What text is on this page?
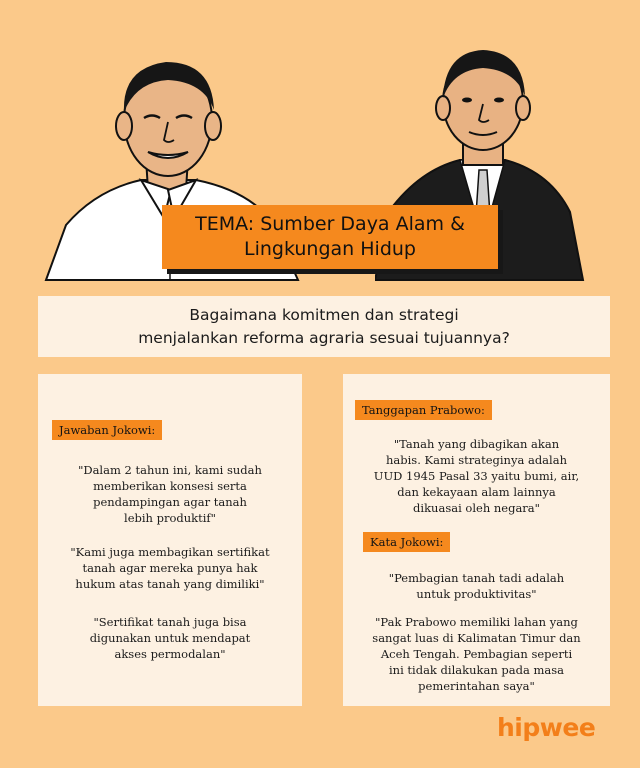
TEMA: Sumber Daya Alam &
Lingkungan Hidup
Bagaimana komitmen dan strategi
menjalankan reforma agraria sesuai tujuannya?
Jawaban Jokowi:
"Dalam 2 tahun ini, kami sudah
memberikan konsesi serta
pendampingan agar tanah
lebih produktif"
"Kami juga membagikan sertifikat
tanah agar mereka punya hak
hukum atas tanah yang dimiliki"
"Sertifikat tanah juga bisa
digunakan untuk mendapat
akses permodalan"
Tanggapan Prabowo:
"Tanah yang dibagikan akan
habis. Kami strateginya adalah
UUD 1945 Pasal 33 yaitu bumi, air,
dan kekayaan alam lainnya
dikuasai oleh negara"
Kata Jokowi:
"Pembagian tanah tadi adalah
untuk produktivitas"
"Pak Prabowo memiliki lahan yang
sangat luas di Kalimatan Timur dan
Aceh Tengah. Pembagian seperti
ini tidak dilakukan pada masa
pemerintahan saya"
hipwee
